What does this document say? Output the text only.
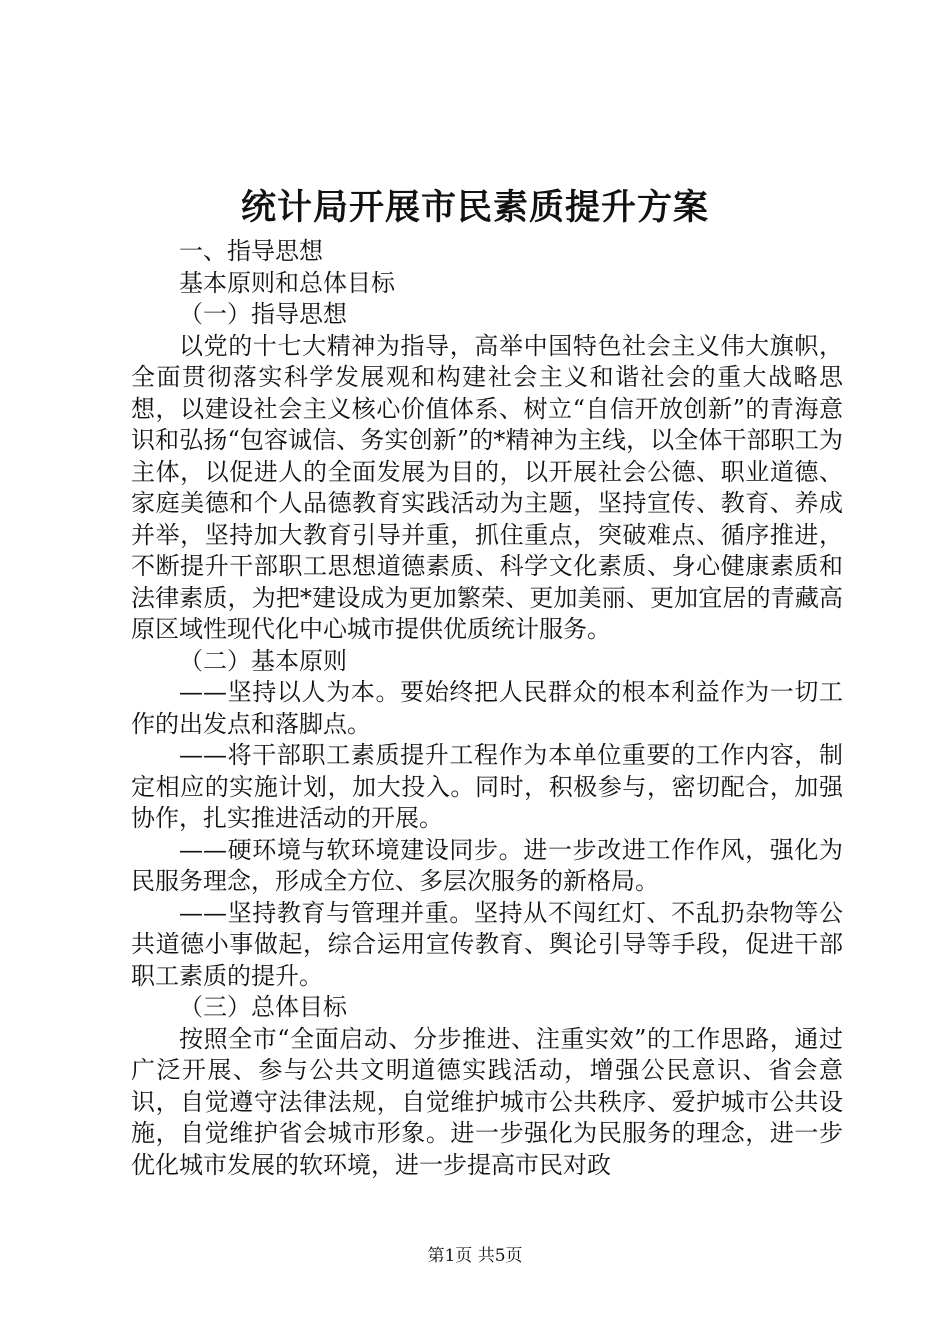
统计局开展市民素质提升方案

一、指导思想

基本原则和总体目标

（一）指导思想

以党的十七大精神为指导，高举中国特色社会主义伟大旗帜，全面贯彻落实科学发展观和构建社会主义和谐社会的重大战略思想，以建设社会主义核心价值体系、树立“自信开放创新”的青海意识和弘扬“包容诚信、务实创新”的*精神为主线，以全体干部职工为主体，以促进人的全面发展为目的，以开展社会公德、职业道德、家庭美德和个人品德教育实践活动为主题，坚持宣传、教育、养成并举，坚持加大教育引导并重，抓住重点，突破难点、循序推进，不断提升干部职工思想道德素质、科学文化素质、身心健康素质和法律素质，为把*建设成为更加繁荣、更加美丽、更加宜居的青藏高原区域性现代化中心城市提供优质统计服务。

（二）基本原则

——坚持以人为本。要始终把人民群众的根本利益作为一切工作的出发点和落脚点。

——将干部职工素质提升工程作为本单位重要的工作内容，制定相应的实施计划，加大投入。同时，积极参与，密切配合，加强协作，扎实推进活动的开展。

——硬环境与软环境建设同步。进一步改进工作作风，强化为民服务理念，形成全方位、多层次服务的新格局。

——坚持教育与管理并重。坚持从不闯红灯、不乱扔杂物等公共道德小事做起，综合运用宣传教育、舆论引导等手段，促进干部职工素质的提升。

（三）总体目标

按照全市“全面启动、分步推进、注重实效”的工作思路，通过广泛开展、参与公共文明道德实践活动，增强公民意识、省会意识，自觉遵守法律法规，自觉维护城市公共秩序、爱护城市公共设施，自觉维护省会城市形象。进一步强化为民服务的理念，进一步优化城市发展的软环境，进一步提高市民对政

第1页 共5页
